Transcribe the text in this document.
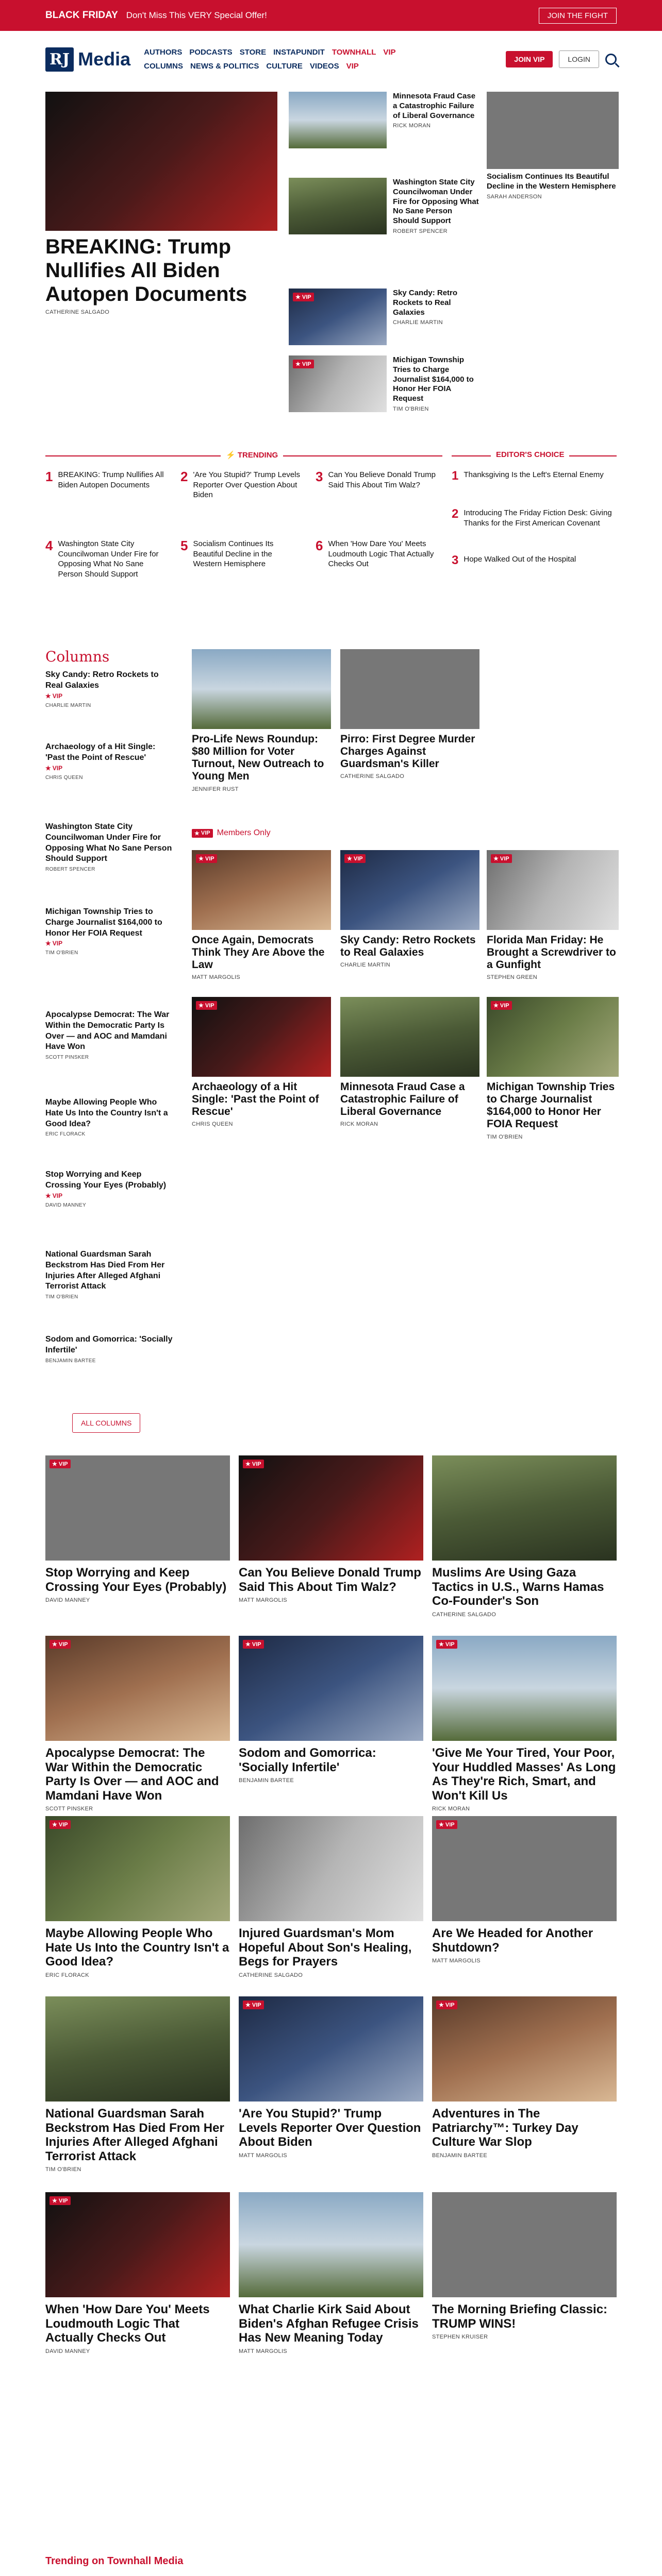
BLACK FRIDAY Don't Miss This VERY Special Offer!	JOIN THE FIGHT
RJ Media AUTHORS PODCASTS STORE INSTAPUNDIT TOWNHALL VIP
COLUMNS NEWS & POLITICS CULTURE VIDEOS VIP
JOIN VIP	LOGIN
BREAKING: Trump Nullifies All Biden Autopen Documents
CATHERINE SALGADO
Minnesota Fraud Case a Catastrophic Failure of Liberal Governance
RICK MORAN
Washington State City Councilwoman Under Fire for Opposing What No Sane Person Should Support
ROBERT SPENCER
★ VIP	Sky Candy: Retro Rockets to Real Galaxies
CHARLIE MARTIN
★ VIP	Michigan Township Tries to Charge Journalist $164,000 to Honor Her FOIA Request
TIM O'BRIEN
Socialism Continues Its Beautiful Decline in the Western Hemisphere
SARAH ANDERSON
⚡ TRENDING
1 BREAKING: Trump Nullifies All Biden Autopen Documents
2 'Are You Stupid?' Trump Levels Reporter Over Question About Biden
3 Can You Believe Donald Trump Said This About Tim Walz?
4 Washington State City Councilwoman Under Fire for Opposing What No Sane Person Should Support
5 Socialism Continues Its Beautiful Decline in the Western Hemisphere
6 When 'How Dare You' Meets Loudmouth Logic That Actually Checks Out
EDITOR'S CHOICE
1 Thanksgiving Is the Left's Eternal Enemy
2 Introducing The Friday Fiction Desk: Giving Thanks for the First American Covenant
3 Hope Walked Out of the Hospital
Columns
Sky Candy: Retro Rockets to Real Galaxies
★ VIP
CHARLIE MARTIN
Archaeology of a Hit Single: 'Past the Point of Rescue'
★ VIP
CHRIS QUEEN
Washington State City Councilwoman Under Fire for Opposing What No Sane Person Should Support
ROBERT SPENCER
Michigan Township Tries to Charge Journalist $164,000 to Honor Her FOIA Request
★ VIP
TIM O'BRIEN
Apocalypse Democrat: The War Within the Democratic Party Is Over — and AOC and Mamdani Have Won
SCOTT PINSKER
Maybe Allowing People Who Hate Us Into the Country Isn't a Good Idea?
ERIC FLORACK
Stop Worrying and Keep Crossing Your Eyes (Probably)
★ VIP
DAVID MANNEY
National Guardsman Sarah Beckstrom Has Died From Her Injuries After Alleged Afghani Terrorist Attack
TIM O'BRIEN
Sodom and Gomorrica: 'Socially Infertile'
BENJAMIN BARTEE
ALL COLUMNS
Pro-Life News Roundup: $80 Million for Voter Turnout, New Outreach to Young Men
JENNIFER RUST
Pirro: First Degree Murder Charges Against Guardsman's Killer
CATHERINE SALGADO
★ VIP Members Only
★ VIP
Once Again, Democrats Think They Are Above the Law
MATT MARGOLIS
★ VIP
Sky Candy: Retro Rockets to Real Galaxies
CHARLIE MARTIN
★ VIP
Florida Man Friday: He Brought a Screwdriver to a Gunfight
STEPHEN GREEN
★ VIP
Archaeology of a Hit Single: 'Past the Point of Rescue'
CHRIS QUEEN
Minnesota Fraud Case a Catastrophic Failure of Liberal Governance
RICK MORAN
★ VIP
Michigan Township Tries to Charge Journalist $164,000 to Honor Her FOIA Request
TIM O'BRIEN
★ VIP
Stop Worrying and Keep Crossing Your Eyes (Probably)
DAVID MANNEY
★ VIP
Can You Believe Donald Trump Said This About Tim Walz?
MATT MARGOLIS
Muslims Are Using Gaza Tactics in U.S., Warns Hamas Co-Founder's Son
CATHERINE SALGADO
★ VIP
Apocalypse Democrat: The War Within the Democratic Party Is Over — and AOC and Mamdani Have Won
SCOTT PINSKER
★ VIP
Sodom and Gomorrica: 'Socially Infertile'
BENJAMIN BARTEE
★ VIP
'Give Me Your Tired, Your Poor, Your Huddled Masses' As Long As They're Rich, Smart, and Won't Kill Us
RICK MORAN
★ VIP
Maybe Allowing People Who Hate Us Into the Country Isn't a Good Idea?
ERIC FLORACK
Injured Guardsman's Mom Hopeful About Son's Healing, Begs for Prayers
CATHERINE SALGADO
★ VIP
Are We Headed for Another Shutdown?
MATT MARGOLIS
National Guardsman Sarah Beckstrom Has Died From Her Injuries After Alleged Afghani Terrorist Attack
TIM O'BRIEN
★ VIP
'Are You Stupid?' Trump Levels Reporter Over Question About Biden
MATT MARGOLIS
★ VIP
Adventures in The Patriarchy™: Turkey Day Culture War Slop
BENJAMIN BARTEE
★ VIP
When 'How Dare You' Meets Loudmouth Logic That Actually Checks Out
DAVID MANNEY
What Charlie Kirk Said About Biden's Afghan Refugee Crisis Has New Meaning Today
MATT MARGOLIS
The Morning Briefing Classic: TRUMP WINS!
STEPHEN KRUISER
Trending on Townhall Media
